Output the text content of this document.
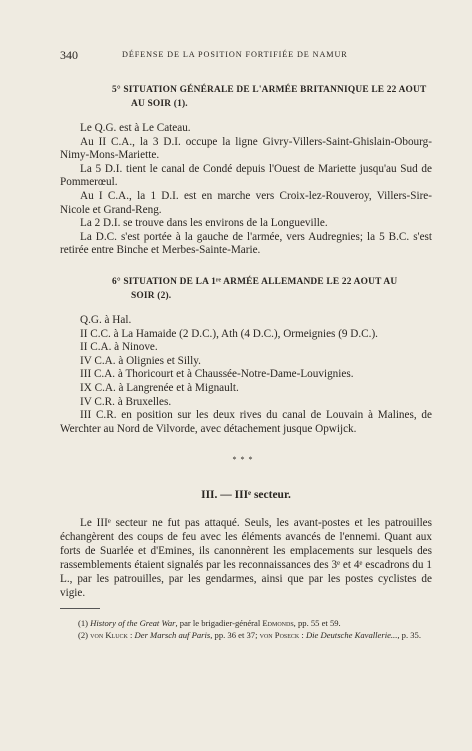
340	DÉFENSE DE LA POSITION FORTIFIÉE DE NAMUR
5° SITUATION GÉNÉRALE DE L'ARMÉE BRITANNIQUE LE 22 AOUT
AU SOIR (1).

Le Q.G. est à Le Cateau.

Au II C.A., la 3 D.I. occupe la ligne Givry-Villers-Saint-Ghislain-Obourg-Nimy-Mons-Mariette.

La 5 D.I. tient le canal de Condé depuis l'Ouest de Mariette jusqu'au Sud de Pommerœul.

Au I C.A., la 1 D.I. est en marche vers Croix-lez-Rouveroy, Villers-Sire-Nicole et Grand-Reng.

La 2 D.I. se trouve dans les environs de la Longueville.

La D.C. s'est portée à la gauche de l'armée, vers Audregnies; la 5 B.C. s'est retirée entre Binche et Merbes-Sainte-Marie.

6° SITUATION DE LA 1ʳᵉ ARMÉE ALLEMANDE LE 22 AOUT AU
SOIR (2).

Q.G. à Hal.

II C.C. à La Hamaide (2 D.C.), Ath (4 D.C.), Ormeignies (9 D.C.).

II C.A. à Ninove.

IV C.A. à Olignies et Silly.

III C.A. à Thoricourt et à Chaussée-Notre-Dame-Louvignies.

IX C.A. à Langrenée et à Mignault.

IV C.R. à Bruxelles.

III C.R. en position sur les deux rives du canal de Louvain à Malines, de Werchter au Nord de Vilvorde, avec détachement jusque Opwijck.

* * *
III. — IIIᵉ secteur.

Le IIIᵉ secteur ne fut pas attaqué. Seuls, les avant-postes et les patrouilles échangèrent des coups de feu avec les éléments avancés de l'ennemi. Quant aux forts de Suarlée et d'Emines, ils canonnèrent les emplacements sur lesquels des rassemblements étaient signalés par les reconnaissances des 3ᵉ et 4ᵉ escadrons du 1 L., par les patrouilles, par les gendarmes, ainsi que par les postes cyclistes de vigie.

(1) History of the Great War, par le brigadier-général Edmonds, pp. 55 et 59.

(2) von Kluck : Der Marsch auf Paris, pp. 36 et 37; von Poseck : Die Deutsche Kavallerie..., p. 35.
